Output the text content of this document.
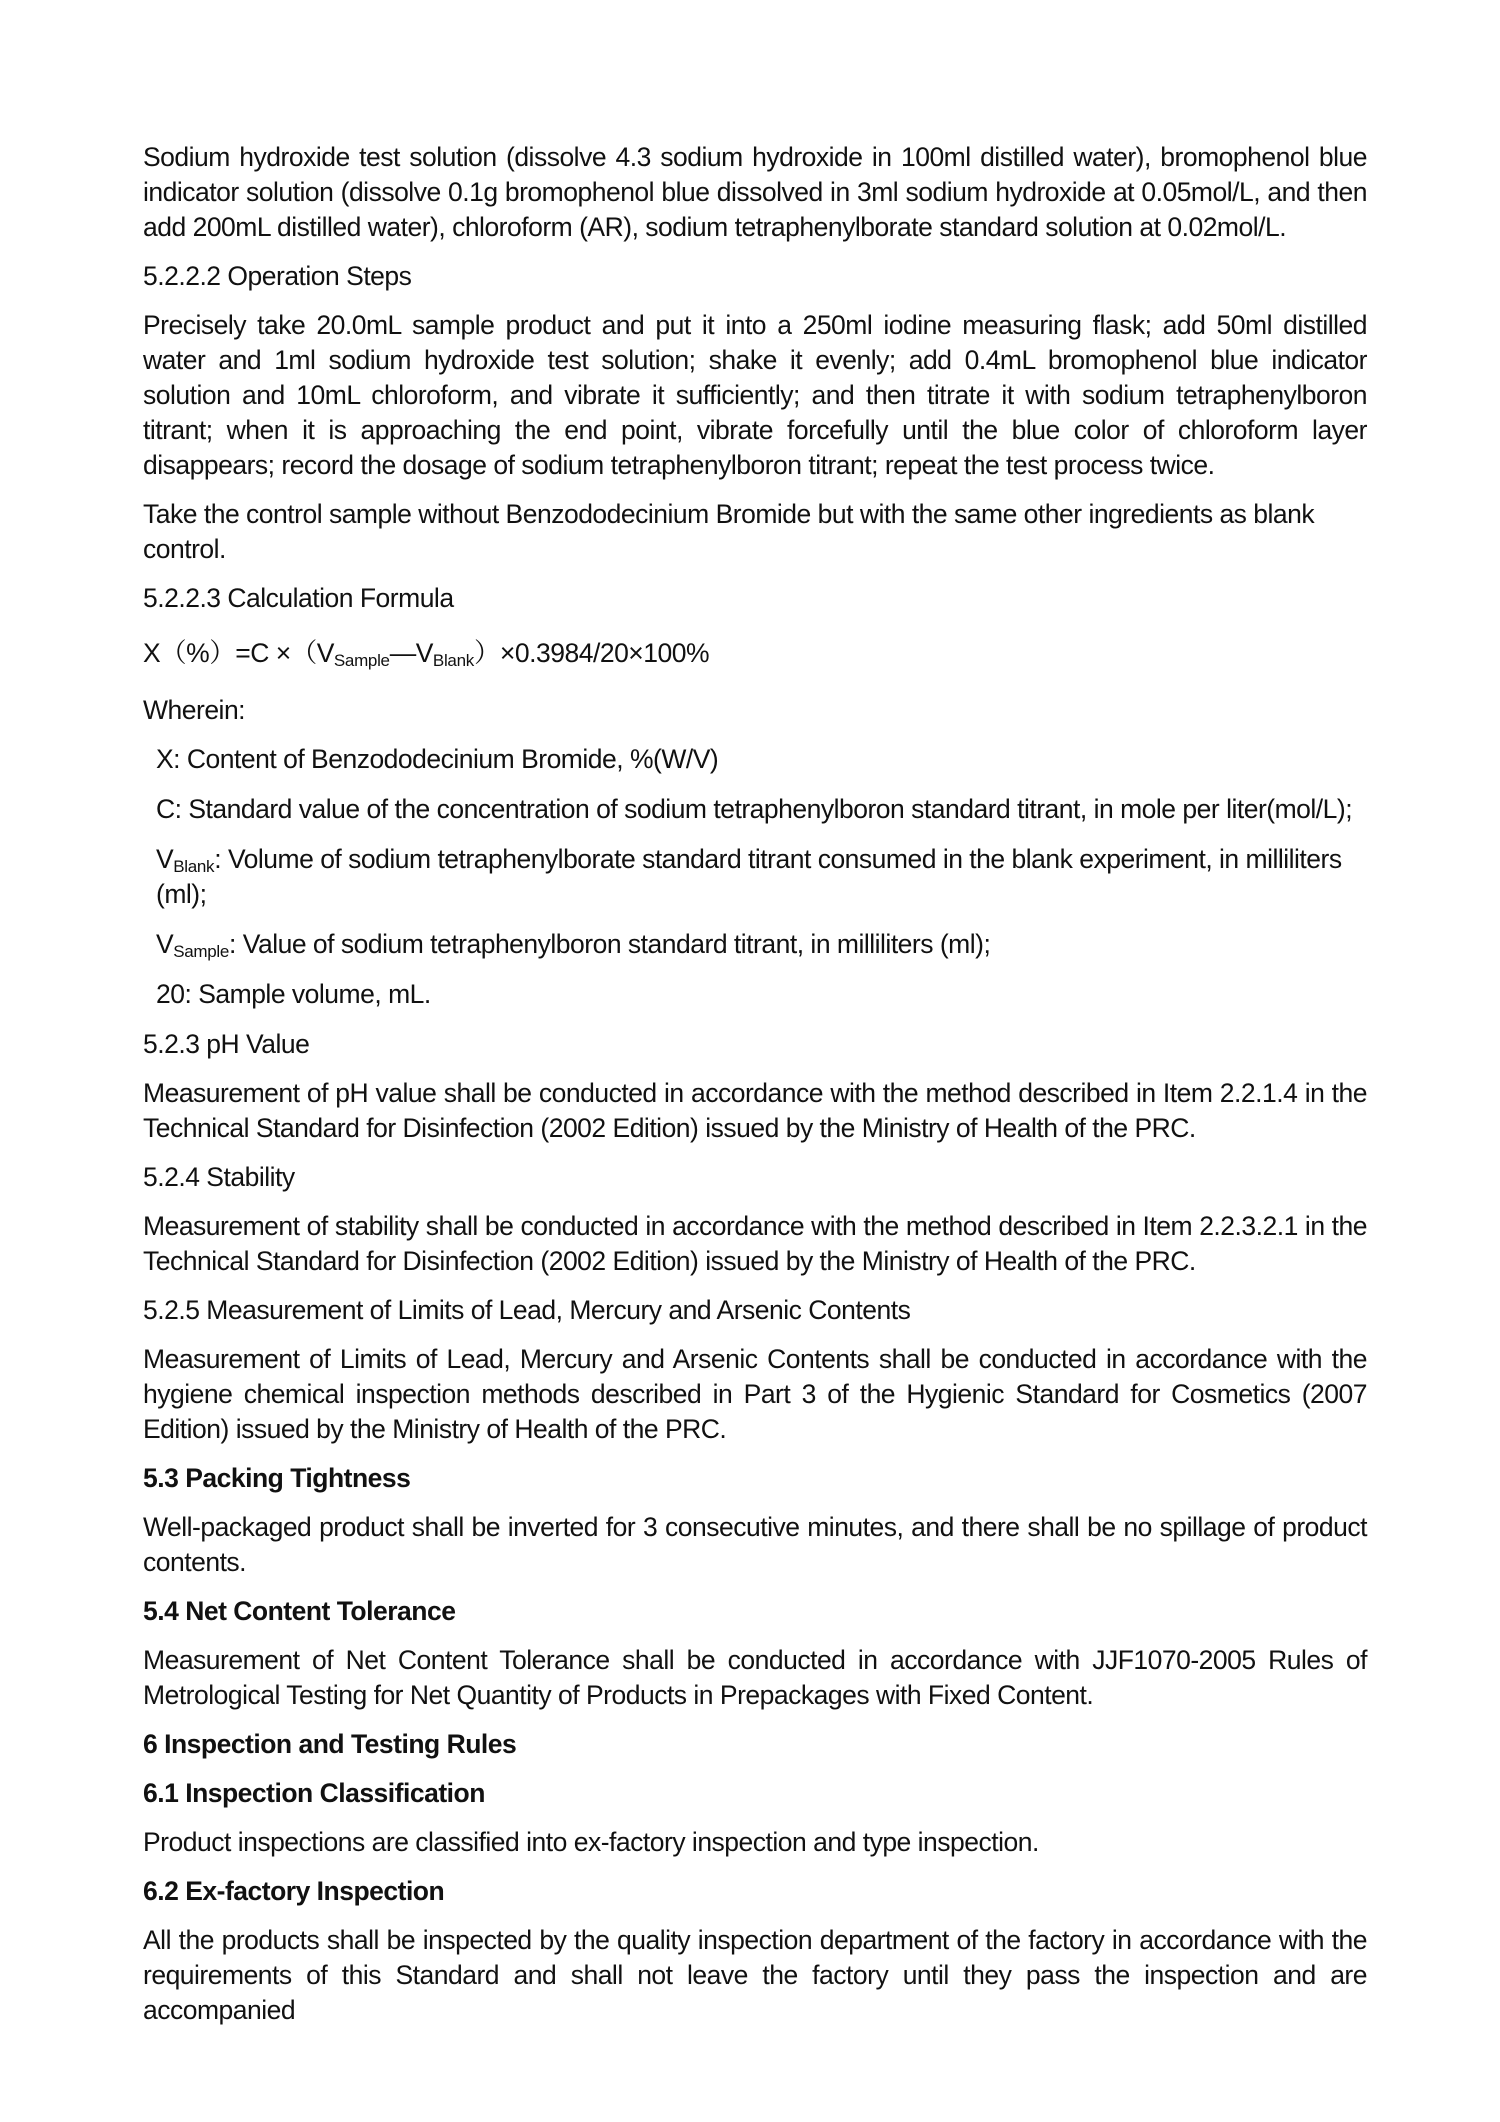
Sodium hydroxide test solution (dissolve 4.3 sodium hydroxide in 100ml distilled water), bromophenol blue indicator solution (dissolve 0.1g bromophenol blue dissolved in 3ml sodium hydroxide at 0.05mol/L, and then add 200mL distilled water), chloroform (AR), sodium tetraphenylborate standard solution at 0.02mol/L.

5.2.2.2 Operation Steps

Precisely take 20.0mL sample product and put it into a 250ml iodine measuring flask; add 50ml distilled water and 1ml sodium hydroxide test solution; shake it evenly; add 0.4mL bromophenol blue indicator solution and 10mL chloroform, and vibrate it sufficiently; and then titrate it with sodium tetraphenylboron titrant; when it is approaching the end point, vibrate forcefully until the blue color of chloroform layer disappears; record the dosage of sodium tetraphenylboron titrant; repeat the test process twice.

Take the control sample without Benzododecinium Bromide but with the same other ingredients as blank control.

5.2.2.3 Calculation Formula
$X(\%)=C \times(V_{Sample}—V_{Blank})\times 0.3984/20\times 100\%$
Wherein:
X: Content of Benzododecinium Bromide, %(W/V)
C: Standard value of the concentration of sodium tetraphenylboron standard titrant, in mole per liter(mol/L);
$V_{Blank}$: Volume of sodium tetraphenylborate standard titrant consumed in the blank experiment, in milliliters (ml);
$V_{Sample}$: Value of sodium tetraphenylboron standard titrant, in milliliters (ml);
20: Sample volume, mL.
5.2.3 pH Value

Measurement of pH value shall be conducted in accordance with the method described in Item 2.2.1.4 in the Technical Standard for Disinfection (2002 Edition) issued by the Ministry of Health of the PRC.

5.2.4 Stability

Measurement of stability shall be conducted in accordance with the method described in Item 2.2.3.2.1 in the Technical Standard for Disinfection (2002 Edition) issued by the Ministry of Health of the PRC.

5.2.5 Measurement of Limits of Lead, Mercury and Arsenic Contents

Measurement of Limits of Lead, Mercury and Arsenic Contents shall be conducted in accordance with the hygiene chemical inspection methods described in Part 3 of the Hygienic Standard for Cosmetics (2007 Edition) issued by the Ministry of Health of the PRC.

5.3 Packing Tightness

Well-packaged product shall be inverted for 3 consecutive minutes, and there shall be no spillage of product contents.

5.4 Net Content Tolerance

Measurement of Net Content Tolerance shall be conducted in accordance with JJF1070-2005 Rules of Metrological Testing for Net Quantity of Products in Prepackages with Fixed Content.

6 Inspection and Testing Rules
6.1 Inspection Classification

Product inspections are classified into ex-factory inspection and type inspection.

6.2 Ex-factory Inspection

All the products shall be inspected by the quality inspection department of the factory in accordance with the requirements of this Standard and shall not leave the factory until they pass the inspection and are accompanied
